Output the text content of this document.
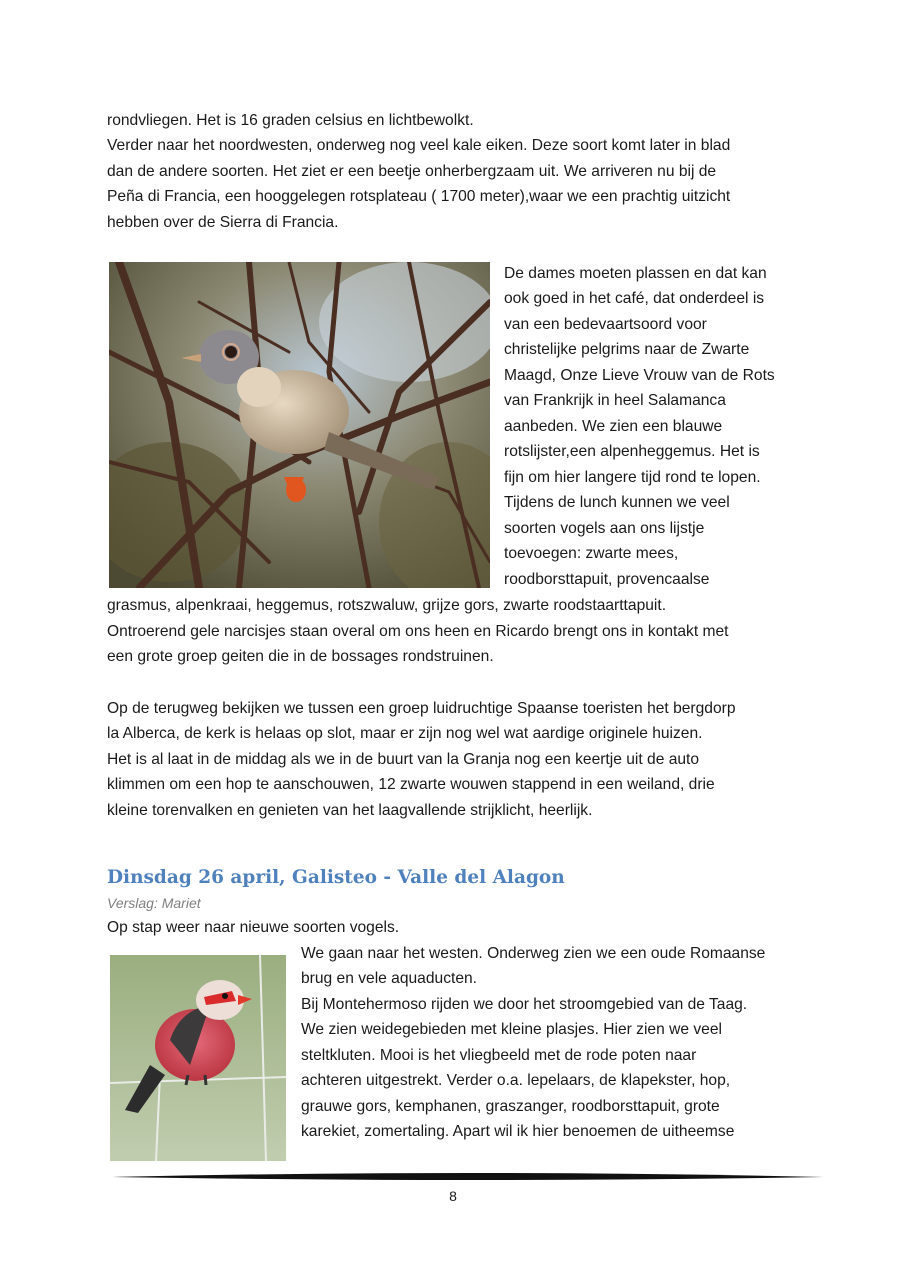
rondvliegen. Het is 16 graden celsius en lichtbewolkt.
Verder naar het noordwesten, onderweg nog veel kale eiken. Deze soort komt later in blad
dan de andere soorten. Het ziet er een beetje onherbergzaam uit. We arriveren nu bij de
Peña di Francia, een hooggelegen rotsplateau ( 1700 meter),waar we een prachtig uitzicht
hebben over de Sierra di Francia.
De dames moeten plassen en dat kan
ook goed in het café, dat onderdeel is
van een bedevaartsoord voor
christelijke pelgrims naar de Zwarte
Maagd, Onze Lieve Vrouw van de Rots
van Frankrijk in heel Salamanca
aanbeden. We zien een blauwe
rotslijster,een alpenheggemus. Het is
fijn om hier langere tijd rond te lopen.
Tijdens de lunch kunnen we veel
soorten vogels aan ons lijstje
toevoegen: zwarte mees,
roodborsttapuit, provencaalse
grasmus, alpenkraai, heggemus, rotszwaluw, grijze gors, zwarte roodstaarttapuit.
Ontroerend gele narcisjes staan overal om ons heen en Ricardo brengt ons in kontakt met
een grote groep geiten die in de bossages rondstruinen.
Op de terugweg bekijken we tussen een groep luidruchtige Spaanse toeristen het bergdorp
la Alberca, de kerk is helaas op slot, maar er zijn nog wel wat aardige originele huizen.
Het is al laat in de middag als we in de buurt van la Granja nog een keertje uit de auto
klimmen om een hop te aanschouwen, 12 zwarte wouwen stappend in een weiland, drie
kleine torenvalken en genieten van het laagvallende strijklicht, heerlijk.
Dinsdag 26 april, Galisteo - Valle del Alagon
Verslag: Mariet
Op stap weer naar nieuwe soorten vogels.
We gaan naar het westen. Onderweg zien we een oude Romaanse
brug en vele aquaducten.
Bij Montehermoso rijden we door het stroomgebied van de Taag.
We zien weidegebieden met kleine plasjes. Hier zien we veel
steltkluten. Mooi is het vliegbeeld met de rode poten naar
achteren uitgestrekt. Verder o.a. lepelaars, de klapekster, hop,
grauwe gors, kemphanen, graszanger, roodborsttapuit, grote
karekiet, zomertaling. Apart wil ik hier benoemen de uitheemse
8
